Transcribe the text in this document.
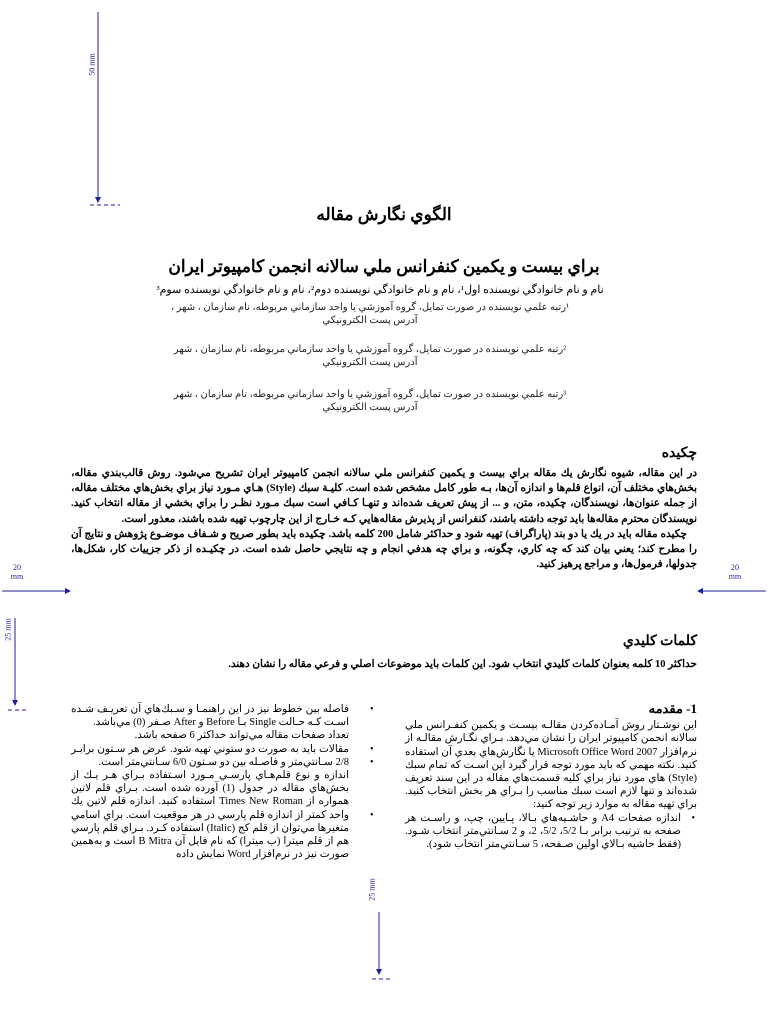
50 mm
20
mm
20
mm
25 mm
25 mm
الگوي نگارش مقاله
براي بيست و يكمين كنفرانس ملي سالانه انجمن كامپيوتر ايران
نام و نام خانوادگي نويسنده اول¹، نام و نام خانوادگي نويسنده دوم²، نام و نام خانوادگي نويسنده سوم³
¹رتبه علمي نويسنده در صورت تمايل، گروه آموزشي يا واحد سازماني مربوطه، نام سازمان ، شهر ،
آدرس پست الكترونيكي
²رتبه علمي نويسنده در صورت تمايل، گروه آموزشي يا واحد سازماني مربوطه، نام سازمان ، شهر
آدرس پست الكترونيكي
³رتبه علمي نويسنده در صورت تمايل، گروه آموزشي يا واحد سازماني مربوطه، نام سازمان ، شهر
آدرس پست الكترونيكي
چكيده

در اين مقاله، شيوه نگارش يك مقاله براي بيست و يكمين كنفرانس ملي سالانه انجمن كامپيوتر ايران تشريح مي‌شود. روش قالب‌بندي مقاله، بخش‌هاي مختلف آن، انواع قلم‌ها و اندازه آن‌ها، بـه طور كامل مشخص شده است. كليـة سبك (Style) هـاي مـورد نياز براي بخش‌هاي مختلف مقاله، از جمله عنوان‌ها، نويسندگان، چكيده، متن، و ... از پيش تعريف شده‌اند و تنهـا كـافي است سبك مـورد نظـر را براي بخشي از مقاله انتخاب كنيد. نويسندگان محترم مقاله‌ها بايد توجه داشته باشند، كنفرانس از پذيرش مقاله‌هايي كـه خـارج از اين چارچوب تهيه شده باشند، معذور است.

چكيده مقاله بايد در يك يا دو بند (پاراگراف) تهيه شود و حداكثر شامل 200 كلمه باشد. چكيده بايد بطور صريح و شـفاف موضـوع پژوهش و نتايج آن را مطرح كند؛ يعني بيان كند كه چه كاري، چگونه، و براي چه هدفي انجام و چه نتايجي حاصل شده است. در چكيـده از ذكر جزييات كار، شكل‌ها، جدولها، فرمول‌ها، و مراجع پرهيز كنيد.

كلمات كليدي
حداكثر 10 كلمه بعنوان كلمات كليدي انتخاب شود. اين كلمات بايد موضوعات اصلي و فرعي مقاله را نشان دهند.

1- مقدمه

اين نوشـتار روش آمـاده‌كردن مقالـه بيسـت و يكمين كنفـرانس ملي سالانه انجمن كامپيوتر ايران را نشان مي‌دهد. بـراي نگـارش مقالـه از نرم‌افزار Microsoft Office Word 2007 يا نگارش‌هاي بعدي آن استفاده كنيد. نكته مهمي كه بايد مورد توجه قرار گيرد اين اسـت كه تمام سبك (Style) هاي مورد نياز براي كليه قسمت‌هاي مقاله در اين سند تعريف شده‌اند و تنها لازم است سبك مناسب را بـراي هر بخش انتخاب كنيد. براي تهيه مقاله به موارد زير توجه كنيد:

•
اندازه صفحات A4 و حاشـيه‌هاي بـالا، پـايين، چپ، و راسـت هر صفحه به ترتيب برابر بـا 5/2، 5/2، 2، و 2 سـانتي‌متر انتخاب شـود. (فقط حاشيه بـالاي اولين صـفحه، 5 سـانتي‌متر انتخاب شود).
•
•
•
•

فاصله بين خطوط نيز در اين راهنمـا و سـبك‌هاي آن تعريـف شـده اسـت كـه حـالت Single بـا Before و After صـفر (0) مي‌باشد.

تعداد صفحات مقاله مي‌تواند حداكثر 6 صفحه باشد.

مقالات بايد به صورت دو ستوني تهيه شود. عرض هر سـتون برابـر 2/8 سـانتي‌متر و فاصـله بين دو سـتون 6/0 سـانتي‌متر است.

اندازه و نوع قلم‌هـاي پارسـي مـورد اسـتفاده بـراي هـر يـك از بخش‌هاي مقاله در جدول (1) آورده شده است. بـراي قلم لاتين همواره از Times New Roman استفاده كنيد. اندازه قلم لاتين يك واحد كمتر از اندازه قلم پارسي در هر موقعيت است. براي اسامي متغيرها مي‌توان از قلم كج (Italic) استفاده كـرد. بـراي قلم پارسي هم از قلم ميترا (ب ميترا) كه نام فايل آن B Mitra است و به‌همين صورت نيز در نرم‌افزار Word نمايش داده
